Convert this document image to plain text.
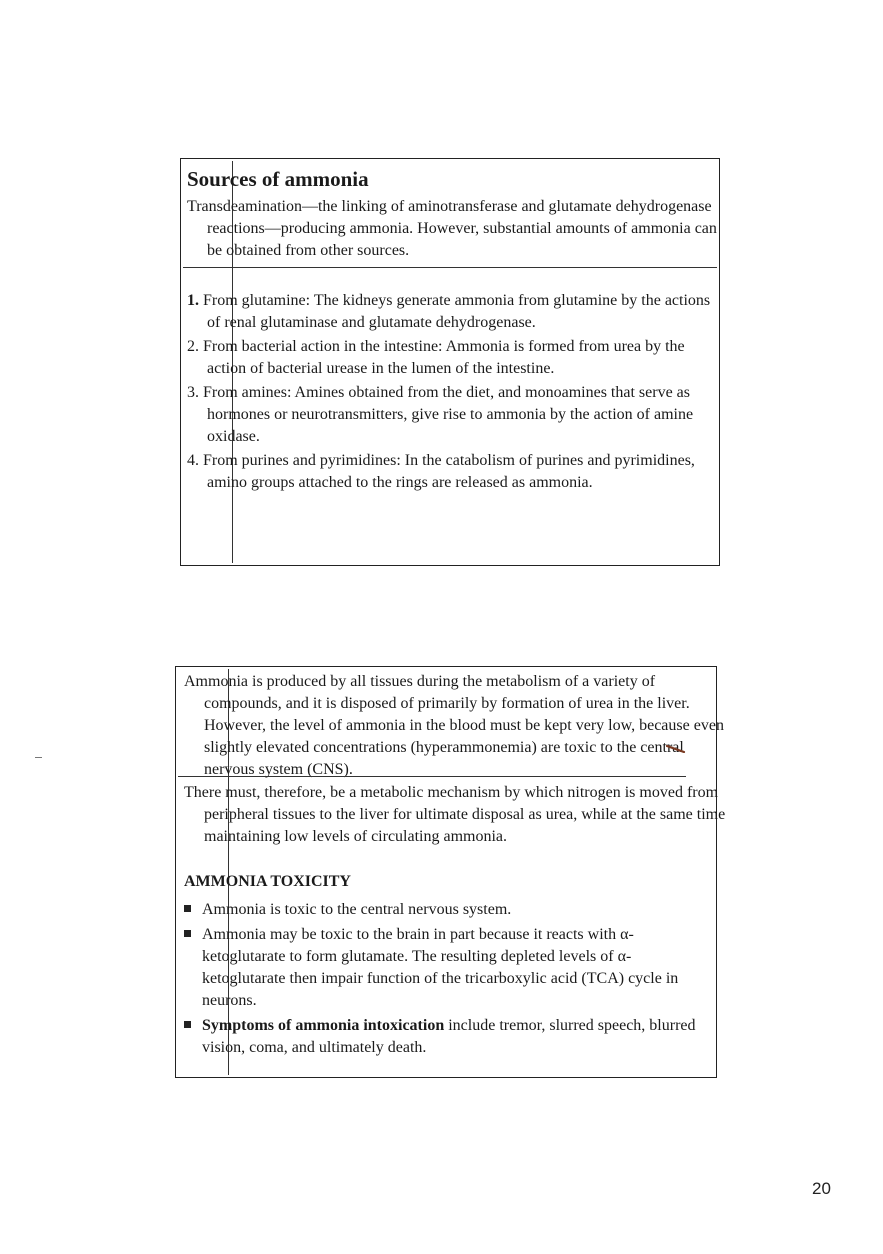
Sources of ammonia

Transdeamination—the linking of aminotransferase and glutamate dehydrogenase reactions—producing ammonia. However, substantial amounts of ammonia can be obtained from other sources.

1. From glutamine: The kidneys generate ammonia from glutamine by the actions of renal glutaminase and glutamate dehydrogenase.
2. From bacterial action in the intestine: Ammonia is formed from urea by the action of bacterial urease in the lumen of the intestine.
3. From amines: Amines obtained from the diet, and monoamines that serve as hormones or neurotransmitters, give rise to ammonia by the action of amine oxidase.
4. From purines and pyrimidines: In the catabolism of purines and pyrimidines, amino groups attached to the rings are released as ammonia.

Ammonia is produced by all tissues during the metabolism of a variety of compounds, and it is disposed of primarily by formation of urea in the liver. However, the level of ammonia in the blood must be kept very low, because even slightly elevated concentrations (hyperammonemia) are toxic to the central nervous system (CNS).

There must, therefore, be a metabolic mechanism by which nitrogen is moved from peripheral tissues to the liver for ultimate disposal as urea, while at the same time maintaining low levels of circulating ammonia.

AMMONIA TOXICITY
Ammonia is toxic to the central nervous system.
Ammonia may be toxic to the brain in part because it reacts with α-ketoglutarate to form glutamate. The resulting depleted levels of α-ketoglutarate then impair function of the tricarboxylic acid (TCA) cycle in neurons.
Symptoms of ammonia intoxication include tremor, slurred speech, blurred vision, coma, and ultimately death.
20
